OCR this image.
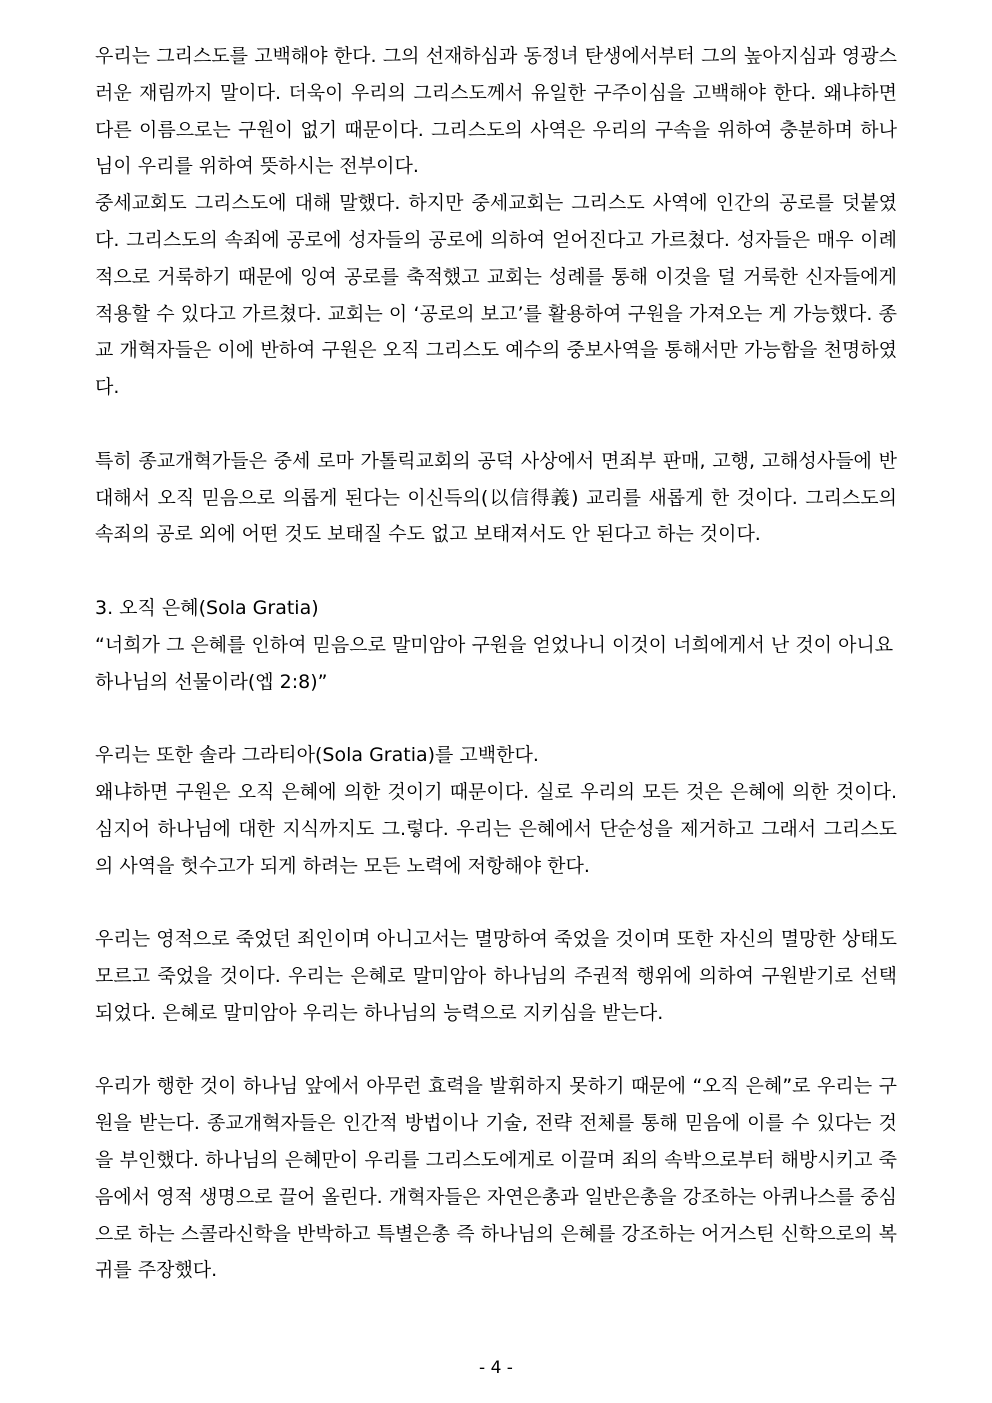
우리는 그리스도를 고백해야 한다. 그의 선재하심과 동정녀 탄생에서부터 그의 높아지심과 영광스러운 재림까지 말이다. 더욱이 우리의 그리스도께서 유일한 구주이심을 고백해야 한다. 왜냐하면 다른 이름으로는 구원이 없기 때문이다. 그리스도의 사역은 우리의 구속을 위하여 충분하며 하나님이 우리를 위하여 뜻하시는 전부이다.

중세교회도 그리스도에 대해 말했다. 하지만 중세교회는 그리스도 사역에 인간의 공로를 덧붙였다. 그리스도의 속죄에 공로에 성자들의 공로에 의하여 얻어진다고 가르쳤다. 성자들은 매우 이례적으로 거룩하기 때문에 잉여 공로를 축적했고 교회는 성례를 통해 이것을 덜 거룩한 신자들에게 적용할 수 있다고 가르쳤다. 교회는 이 ‘공로의 보고’를 활용하여 구원을 가져오는 게 가능했다. 종교 개혁자들은 이에 반하여 구원은 오직 그리스도 예수의 중보사역을 통해서만 가능함을 천명하였다.

특히 종교개혁가들은 중세 로마 가톨릭교회의 공덕 사상에서 면죄부 판매, 고행, 고해성사들에 반대해서 오직 믿음으로 의롭게 된다는 이신득의(以信得義) 교리를 새롭게 한 것이다. 그리스도의 속죄의 공로 외에 어떤 것도 보태질 수도 없고 보태져서도 안 된다고 하는 것이다.

3. 오직 은혜(Sola Gratia)

“너희가 그 은혜를 인하여 믿음으로 말미암아 구원을 얻었나니 이것이 너희에게서 난 것이 아니요 하나님의 선물이라(엡 2:8)”

우리는 또한 솔라 그라티아(Sola Gratia)를 고백한다.

왜냐하면 구원은 오직 은혜에 의한 것이기 때문이다. 실로 우리의 모든 것은 은혜에 의한 것이다. 심지어 하나님에 대한 지식까지도 그.렇다. 우리는 은혜에서 단순성을 제거하고 그래서 그리스도의 사역을 헛수고가 되게 하려는 모든 노력에 저항해야 한다.

우리는 영적으로 죽었던 죄인이며 아니고서는 멸망하여 죽었을 것이며 또한 자신의 멸망한 상태도 모르고 죽었을 것이다. 우리는 은혜로 말미암아 하나님의 주권적 행위에 의하여 구원받기로 선택되었다. 은혜로 말미암아 우리는 하나님의 능력으로 지키심을 받는다.

우리가 행한 것이 하나님 앞에서 아무런 효력을 발휘하지 못하기 때문에 “오직 은혜”로 우리는 구원을 받는다. 종교개혁자들은 인간적 방법이나 기술, 전략 전체를 통해 믿음에 이를 수 있다는 것을 부인했다. 하나님의 은혜만이 우리를 그리스도에게로 이끌며 죄의 속박으로부터 해방시키고 죽음에서 영적 생명으로 끌어 올린다. 개혁자들은 자연은총과 일반은총을 강조하는 아퀴나스를 중심으로 하는 스콜라신학을 반박하고 특별은총 즉 하나님의 은혜를 강조하는 어거스틴 신학으로의 복귀를 주장했다.

- 4 -
